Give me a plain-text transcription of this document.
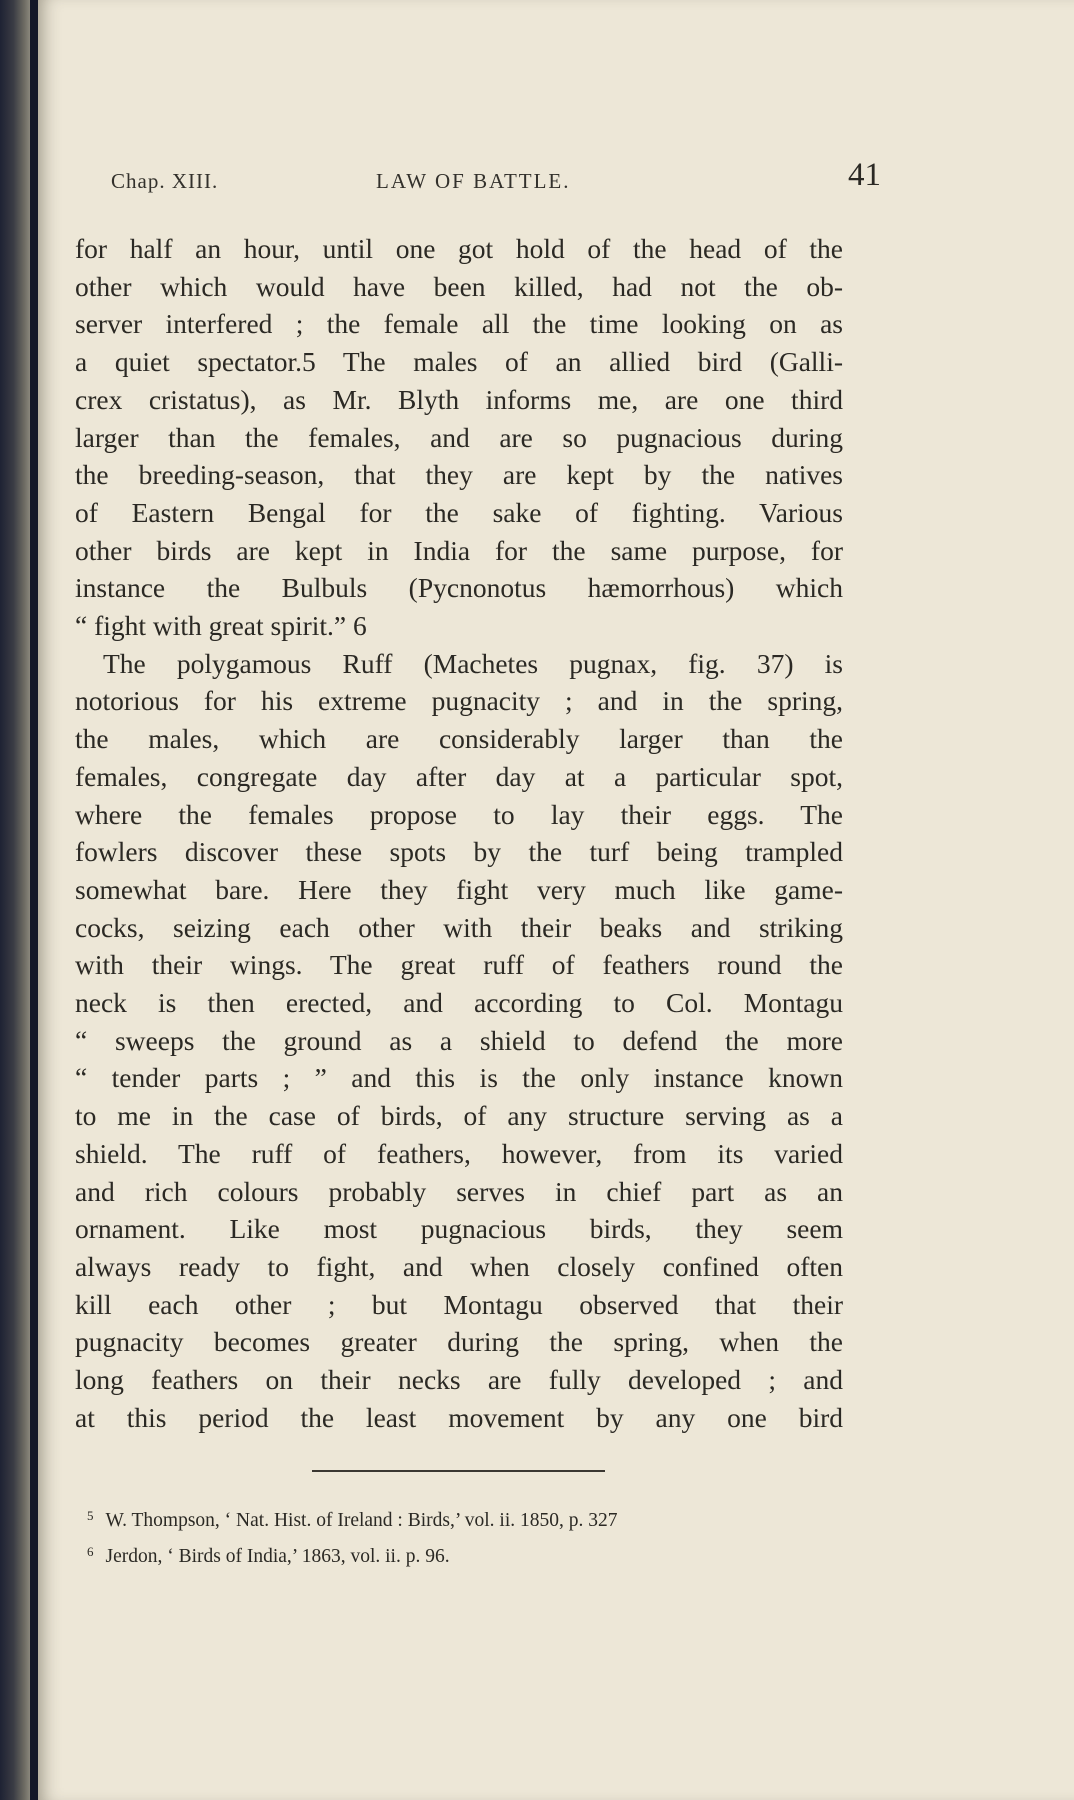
Chap. XIII.	LAW OF BATTLE.	41
for half an hour, until one got hold of the head of the
other which would have been killed, had not the ob-
server interfered ; the female all the time looking on as
a quiet spectator.5 The males of an allied bird (Galli-
crex cristatus), as Mr. Blyth informs me, are one third
larger than the females, and are so pugnacious during
the breeding-season, that they are kept by the natives
of Eastern Bengal for the sake of fighting. Various
other birds are kept in India for the same purpose, for
instance the Bulbuls (Pycnonotus hæmorrhous) which
“ fight with great spirit.” 6
The polygamous Ruff (Machetes pugnax, fig. 37) is
notorious for his extreme pugnacity ; and in the spring,
the males, which are considerably larger than the
females, congregate day after day at a particular spot,
where the females propose to lay their eggs. The
fowlers discover these spots by the turf being trampled
somewhat bare. Here they fight very much like game-
cocks, seizing each other with their beaks and striking
with their wings. The great ruff of feathers round the
neck is then erected, and according to Col. Montagu
“ sweeps the ground as a shield to defend the more
“ tender parts ; ” and this is the only instance known
to me in the case of birds, of any structure serving as a
shield. The ruff of feathers, however, from its varied
and rich colours probably serves in chief part as an
ornament. Like most pugnacious birds, they seem
always ready to fight, and when closely confined often
kill each other ; but Montagu observed that their
pugnacity becomes greater during the spring, when the
long feathers on their necks are fully developed ; and
at this period the least movement by any one bird
$^5$ W. Thompson, ‘ Nat. Hist. of Ireland : Birds,’ vol. ii. 1850, p. 327
$^6$ Jerdon, ‘ Birds of India,’ 1863, vol. ii. p. 96.
